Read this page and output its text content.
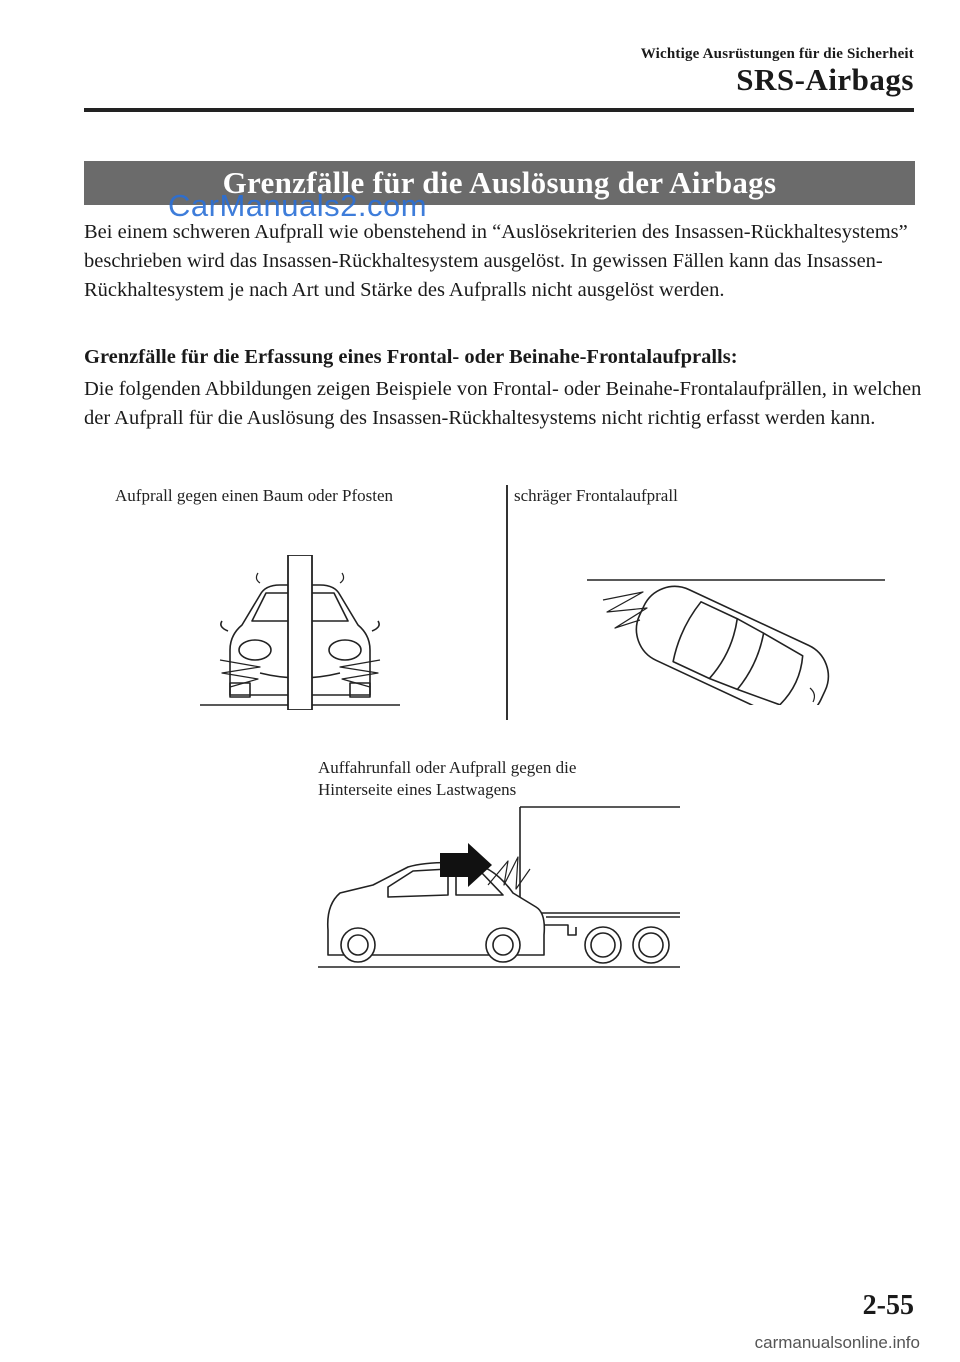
Wichtige Ausrüstungen für die Sicherheit
SRS-Airbags
Grenzfälle für die Auslösung der Airbags
CarManuals2.com
Bei einem schweren Aufprall wie obenstehend in “Auslösekriterien des Insassen-Rückhaltesystems” beschrieben wird das Insassen-Rückhaltesystem ausgelöst. In gewissen Fällen kann das Insassen-Rückhaltesystem je nach Art und Stärke des Aufpralls nicht ausgelöst werden.
Grenzfälle für die Erfassung eines Frontal- oder Beinahe-Frontalaufpralls:
Die folgenden Abbildungen zeigen Beispiele von Frontal- oder Beinahe-Frontalaufprällen, in welchen der Aufprall für die Auslösung des Insassen-Rückhaltesystems nicht richtig erfasst werden kann.
Aufprall gegen einen Baum oder Pfosten	schräger Frontalaufprall
Auffahrunfall oder Aufprall gegen die Hinterseite eines Lastwagens
2-55
carmanualsonline.info
